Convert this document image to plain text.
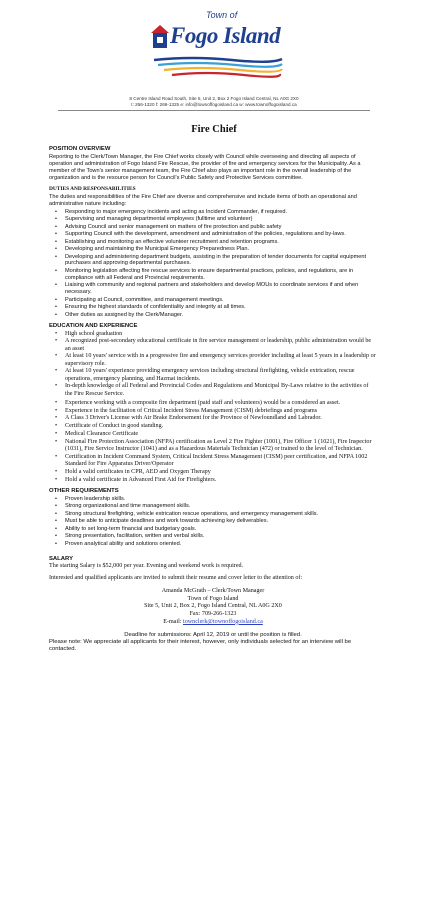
Town of
Fogo Island
8 Centre Island Road South, Site 5, Unit 2, Box 2 Fogo Island Central, NL A0G 2X0
t: 266-1320 f: 266-1325 e: info@townoffogoisland.ca w: www.townoffogoisland.ca
Fire Chief
POSITION OVERVIEW

Reporting to the Clerk/Town Manager, the Fire Chief works closely with Council while overseeing and directing all aspects of operation and administration of Fogo Island Fire Rescue, the provider of fire and emergency services for the Municipality. As a member of the Town's senior management team, the Fire Chief also plays an important role in the overall leadership of the organization and is the resource person for Council's Public Safety and Protective Services committee.

DUTIES AND RESPONSABILITIES

The duties and responsibilities of the Fire Chief are diverse and comprehensive and include items of both an operational and administrative nature including:

• Responding to major emergency incidents and acting as Incident Commander, if required.
• Supervising and managing departmental employees (fulltime and volunteer)
• Advising Council and senior management on matters of fire protection and public safety
• Supporting Council with the development, amendment and administration of the policies, regulations and by-laws.
• Establishing and monitoring an effective volunteer recruitment and retention programs.
• Developing and maintaining the Municipal Emergency Preparedness Plan.
• Developing and administering department budgets, assisting in the preparation of tender documents for capital equipment purchases and approving departmental purchases.
• Monitoring legislation affecting fire rescue services to ensure departmental practices, policies, and regulations, are in compliance with all Federal and Provincial requirements.
• Liaising with community and regional partners and stakeholders and develop MOUs to coordinate services if and when necessary.
• Participating at Council, committee, and management meetings.
• Ensuring the highest standards of confidentiality and integrity at all times.
• Other duties as assigned by the Clerk/Manager.
EDUCATION AND EXPERIENCE
• High school graduation
• A recognized post-secondary educational certificate in fire service management or leadership, public administration would be an asset
• At least 10 years' service with in a progressive fire and emergency services provider including at least 5 years in a leadership or supervisory role.
• At least 10 years' experience providing emergency services including structural firefighting, vehicle extrication, rescue operations, emergency planning, and Hazmat incidents.
• In-depth knowledge of all Federal and Provincial Codes and Regulations and Municipal By-Laws relative to the activities of the Fire Rescue Service.
• Experience working with a composite fire department (paid staff and volunteers) would be a considered an asset.
• Experience in the facilitation of Critical Incident Stress Management (CISM) debriefings and programs
• A Class 3 Driver's License with Air Brake Endorsement for the Province of Newfoundland and Labrador.
• Certificate of Conduct in good standing.
• Medical Clearance Certificate
• National Fire Protection Association (NFPA) certification as Level 2 Fire Fighter (1001), Fire Officer 1 (1021), Fire Inspector (1031), Fire Service Instructor (1041) and as a Hazardous Materials Technician (472) or trained to the level of Technician.
• Certification in Incident Command System, Critical Incident Stress Management (CISM) peer certification, and NFPA 1002 Standard for Fire Apparatus Driver/Operator
• Hold a valid certificates in CPR, AED and Oxygen Therapy
• Hold a valid certificate in Advanced First Aid for Firefighters.
OTHER REQUIREMENTS
• Proven leadership skills.
• Strong organizational and time management skills.
• Strong structural firefighting, vehicle extrication rescue operations, and emergency management skills.
• Must be able to anticipate deadlines and work towards achieving key deliverables.
• Ability to set long-term financial and budgetary goals.
• Strong presentation, facilitation, written and verbal skills.
• Proven analytical ability and solutions oriented.
SALARY

The starting Salary is $52,000 per year. Evening and weekend work is required.

Interested and qualified applicants are invited to submit their resume and cover letter to the attention of:

Amanda McGrath – Clerk/Town Manager
Town of Fogo Island
Site 5, Unit 2, Box 2, Fogo Island Central, NL A0G 2X0
Fax: 709-266-1323
E-mail: townclerk@townoffogoisland.ca
Deadline for submissions: April 12, 2019 or until the position is filled.
Please note: We appreciate all applicants for their interest, however, only individuals selected for an interview will be contacted.
